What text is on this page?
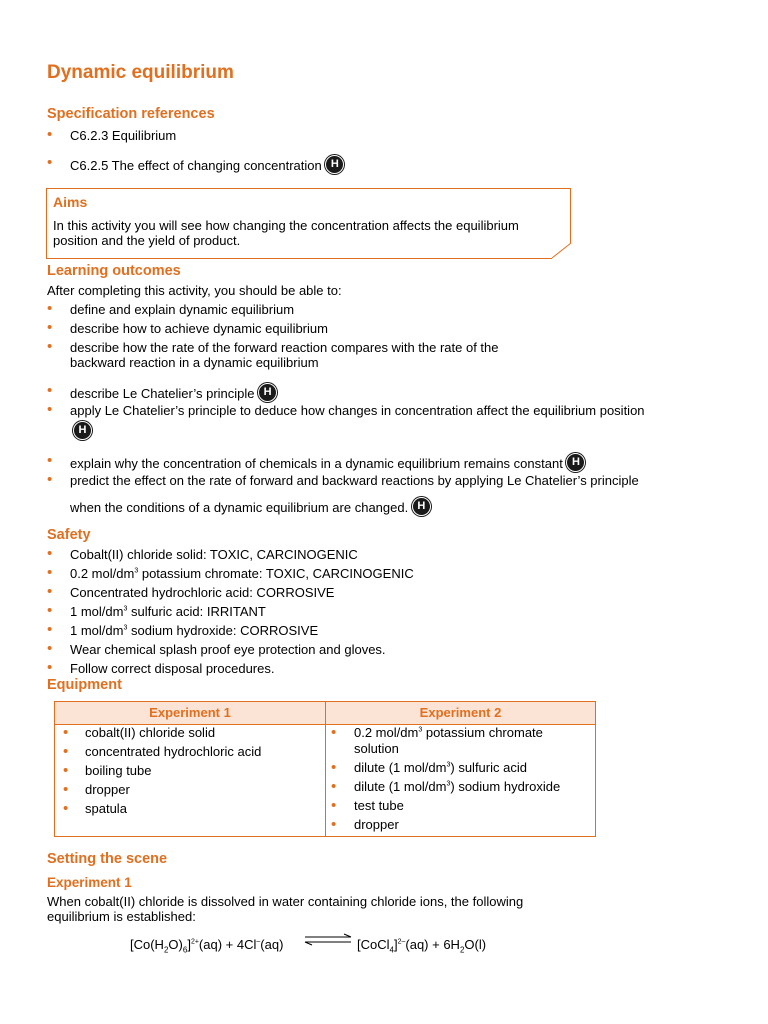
Dynamic equilibrium
Specification references
•
C6.2.3 Equilibrium
•
C6.2.5 The effect of changing concentration H
Aims
In this activity you will see how changing the concentration affects the equilibrium
position and the yield of product.
Learning outcomes
After completing this activity, you should be able to:
•
define and explain dynamic equilibrium
•
describe how to achieve dynamic equilibrium
•
describe how the rate of the forward reaction compares with the rate of the
backward reaction in a dynamic equilibrium
•
describe Le Chatelier’s principle H
•
apply Le Chatelier’s principle to deduce how changes in concentration affect the equilibrium position
H
•
explain why the concentration of chemicals in a dynamic equilibrium remains constant H
•
predict the effect on the rate of forward and backward reactions by applying Le Chatelier’s principle
when the conditions of a dynamic equilibrium are changed. H
Safety
•
Cobalt(II) chloride solid: TOXIC, CARCINOGENIC
•
0.2 mol/$dm^3$ potassium chromate: TOXIC, CARCINOGENIC
•
Concentrated hydrochloric acid: CORROSIVE
•
1 mol/$dm^3$ sulfuric acid: IRRITANT
•
1 mol/$dm^3$ sodium hydroxide: CORROSIVE
•
Wear chemical splash proof eye protection and gloves.
•
Follow correct disposal procedures.
Equipment
Experiment 1	Experiment 2
•
cobalt(II) chloride solid
•
concentrated hydrochloric acid
•
boiling tube
•
dropper
•
spatula
•
0.2 mol/$dm^3$ potassium chromate
solution
•
dilute (1 mol/$dm^3$) sulfuric acid
•
dilute (1 mol/$dm^3$) sodium hydroxide
•
test tube
•
dropper
Setting the scene
Experiment 1
When cobalt(II) chloride is dissolved in water containing chloride ions, the following
equilibrium is established:
$[Co(H_2O)_6]^{2+}(aq) + 4Cl^-(aq)$ ⇌ [CoCl$_4$]$^{2-}$(aq) + $6H_2O(l)$
